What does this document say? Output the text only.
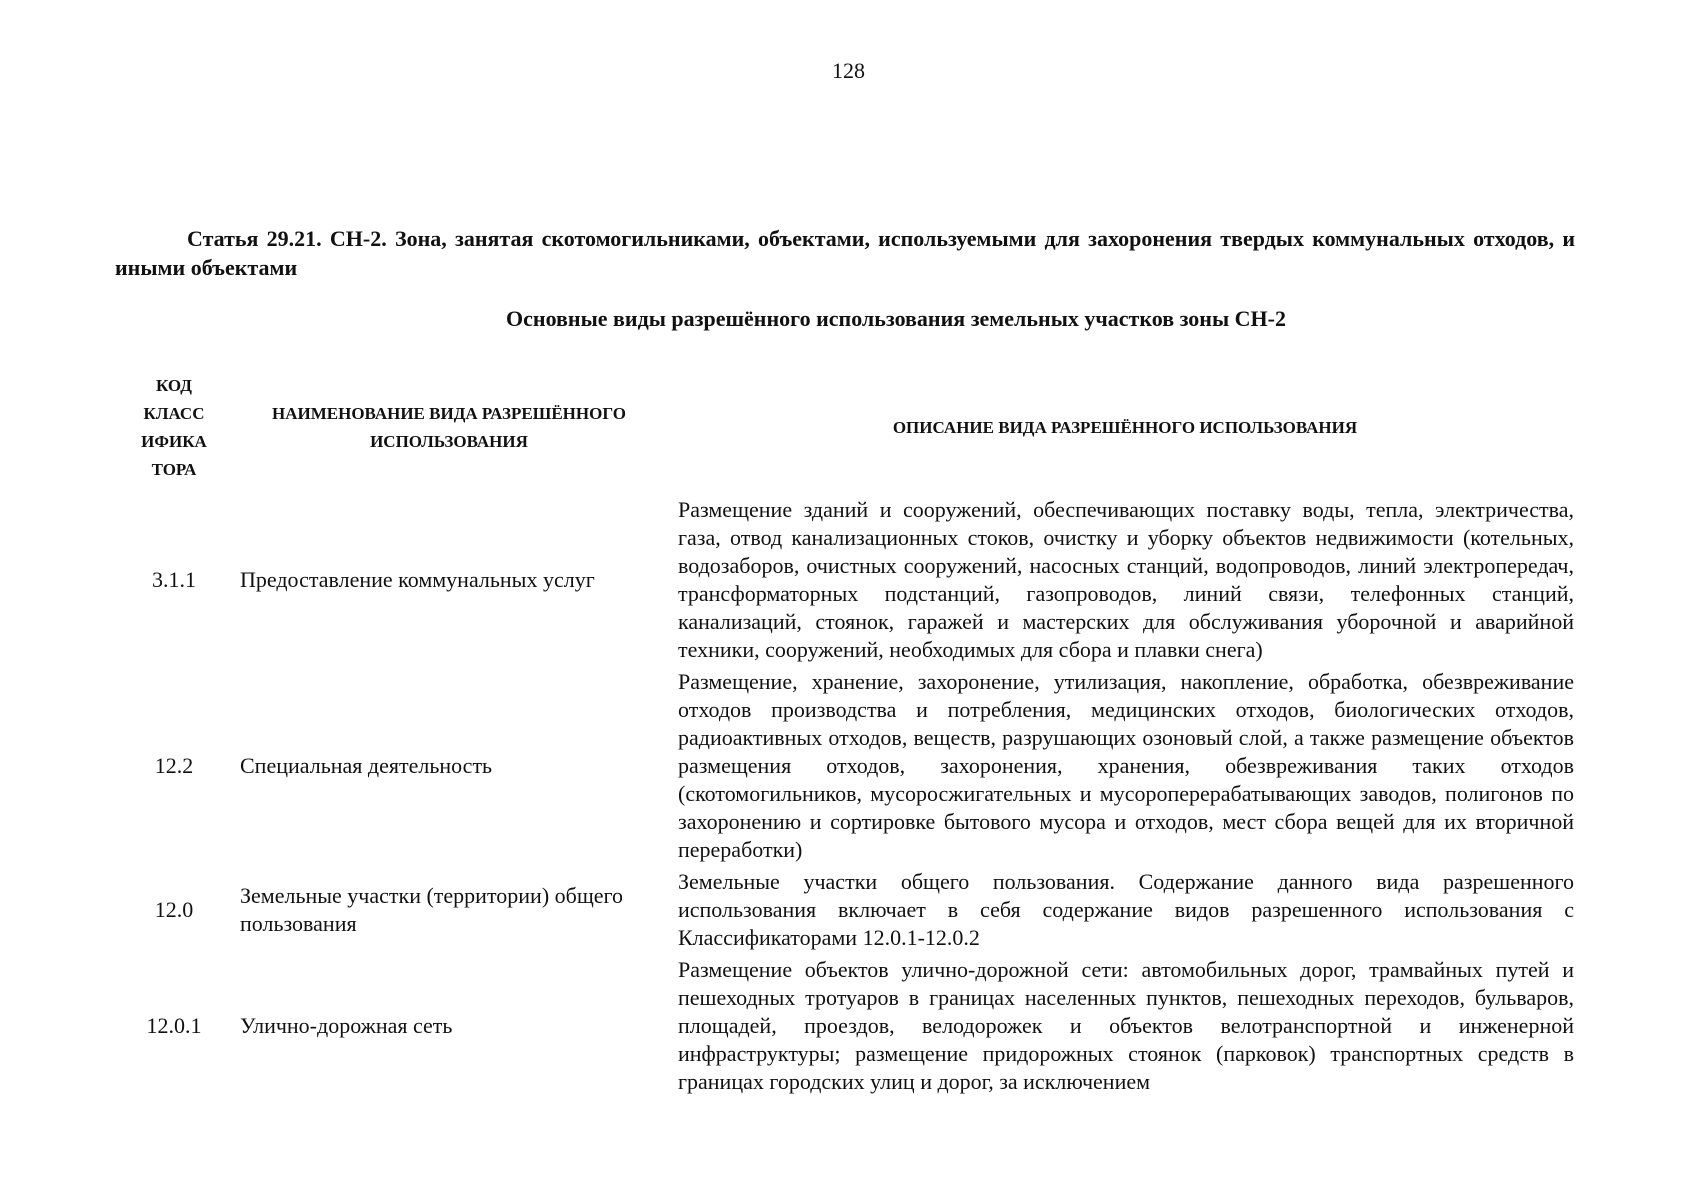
128
Статья 29.21. СН-2. Зона, занятая скотомогильниками, объектами, используемыми для захоронения твердых коммунальных отходов, и иными объектами
Основные виды разрешённого использования земельных участков зоны СН-2
КОД КЛАСС ИФИКА ТОРА	НАИМЕНОВАНИЕ ВИДА РАЗРЕШЁННОГО ИСПОЛЬЗОВАНИЯ	ОПИСАНИЕ ВИДА РАЗРЕШЁННОГО ИСПОЛЬЗОВАНИЯ
3.1.1	Предоставление коммунальных услуг	Размещение зданий и сооружений, обеспечивающих поставку воды, тепла, электричества, газа, отвод канализационных стоков, очистку и уборку объектов недвижимости (котельных, водозаборов, очистных сооружений, насосных станций, водопроводов, линий электропередач, трансформаторных подстанций, газопроводов, линий связи, телефонных станций, канализаций, стоянок, гаражей и мастерских для обслуживания уборочной и аварийной техники, сооружений, необходимых для сбора и плавки снега)
12.2	Специальная деятельность	Размещение, хранение, захоронение, утилизация, накопление, обработка, обезвреживание отходов производства и потребления, медицинских отходов, биологических отходов, радиоактивных отходов, веществ, разрушающих озоновый слой, а также размещение объектов размещения отходов, захоронения, хранения, обезвреживания таких отходов (скотомогильников, мусоросжигательных и мусороперерабатывающих заводов, полигонов по захоронению и сортировке бытового мусора и отходов, мест сбора вещей для их вторичной переработки)
12.0	Земельные участки (территории) общего пользования	Земельные участки общего пользования. Содержание данного вида разрешенного использования включает в себя содержание видов разрешенного использования с Классификаторами 12.0.1-12.0.2
12.0.1	Улично-дорожная сеть	Размещение объектов улично-дорожной сети: автомобильных дорог, трамвайных путей и пешеходных тротуаров в границах населенных пунктов, пешеходных переходов, бульваров, площадей, проездов, велодорожек и объектов велотранспортной и инженерной инфраструктуры; размещение придорожных стоянок (парковок) транспортных средств в границах городских улиц и дорог, за исключением
